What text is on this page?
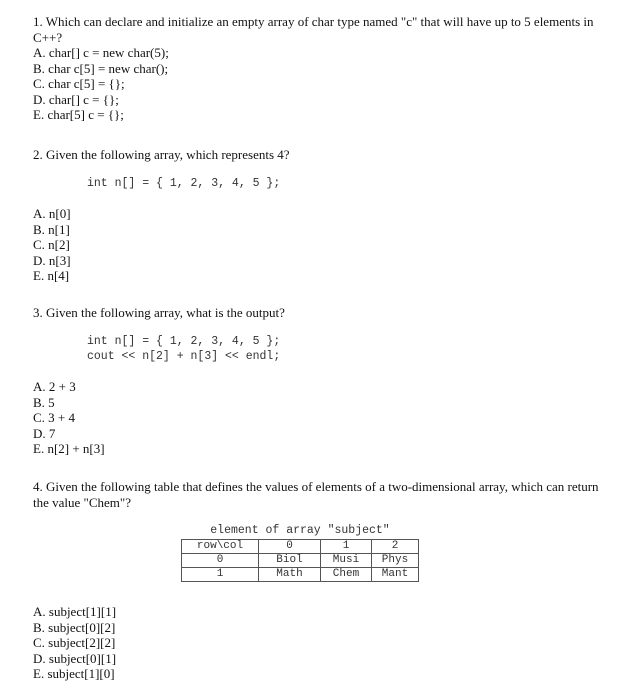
1. Which can declare and initialize an empty array of char type named "c" that will have up to 5 elements in C++?

A. char[] c = new char(5);
B. char c[5] = new char();
C. char c[5] = {};
D. char[] c = {};
E. char[5] c = {};

2. Given the following array, which represents 4?

int n[] = { 1, 2, 3, 4, 5 };
A. n[0]
B. n[1]
C. n[2]
D. n[3]
E. n[4]

3. Given the following array, what is the output?

int n[] = { 1, 2, 3, 4, 5 };
cout << n[2] + n[3] << endl;
A. 2 + 3
B. 5
C. 3 + 4
D. 7
E. n[2] + n[3]

4. Given the following table that defines the values of elements of a two-dimensional array, which can return the value "Chem"?

element of array "subject"
row\col	0	1	2
0	Biol	Musi	Phys
1	Math	Chem	Mant
A. subject[1][1]
B. subject[0][2]
C. subject[2][2]
D. subject[0][1]
E. subject[1][0]
